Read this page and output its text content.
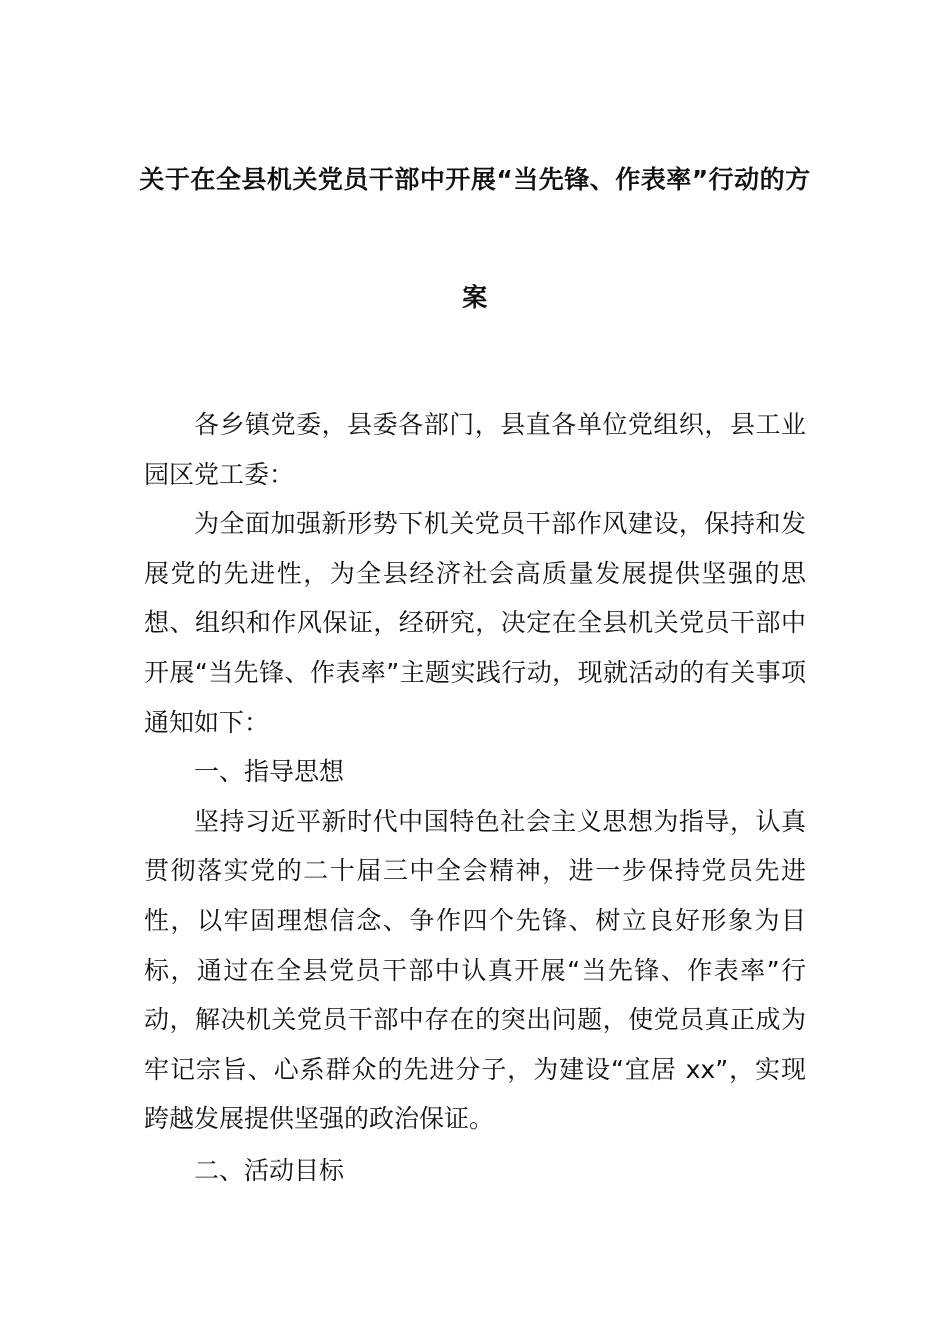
关于在全县机关党员干部中开展“当先锋、作表率”行动的方
案

各乡镇党委，县委各部门，县直各单位党组织，县工业园区党工委：

为全面加强新形势下机关党员干部作风建设，保持和发展党的先进性，为全县经济社会高质量发展提供坚强的思想、组织和作风保证，经研究，决定在全县机关党员干部中开展“当先锋、作表率”主题实践行动，现就活动的有关事项通知如下：

一、指导思想

坚持习近平新时代中国特色社会主义思想为指导，认真贯彻落实党的二十届三中全会精神，进一步保持党员先进性，以牢固理想信念、争作四个先锋、树立良好形象为目标，通过在全县党员干部中认真开展“当先锋、作表率”行动，解决机关党员干部中存在的突出问题，使党员真正成为牢记宗旨、心系群众的先进分子，为建设“宜居 xx”，实现跨越发展提供坚强的政治保证。

二、活动目标
